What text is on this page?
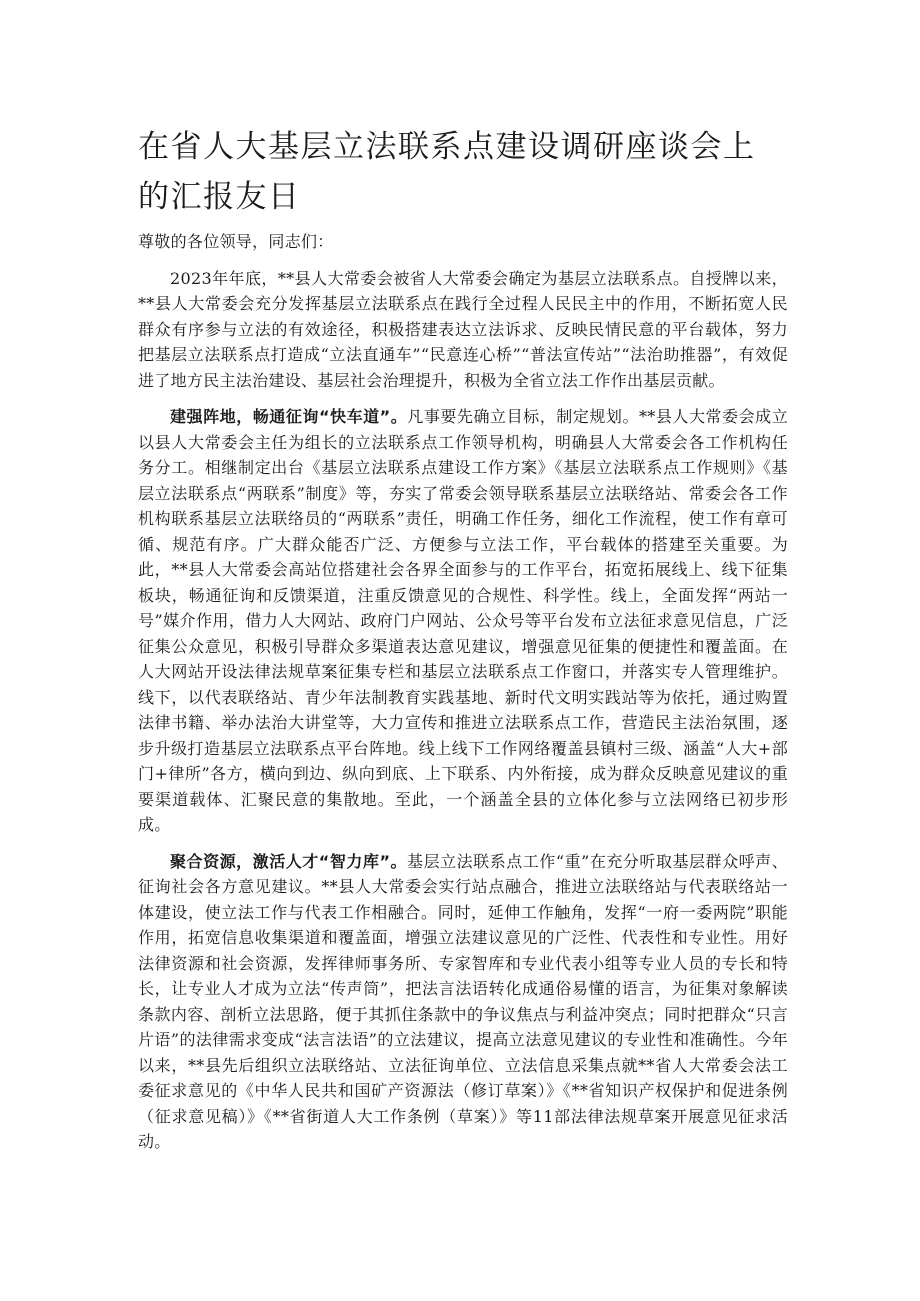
在省人大基层立法联系点建设调研座谈会上的汇报友日

尊敬的各位领导，同志们：

2023年年底，**县人大常委会被省人大常委会确定为基层立法联系点。自授牌以来，**县人大常委会充分发挥基层立法联系点在践行全过程人民民主中的作用，不断拓宽人民群众有序参与立法的有效途径，积极搭建表达立法诉求、反映民情民意的平台载体，努力把基层立法联系点打造成“立法直通车”“民意连心桥”“普法宣传站”“法治助推器”，有效促进了地方民主法治建设、基层社会治理提升，积极为全省立法工作作出基层贡献。

建强阵地，畅通征询“快车道”。凡事要先确立目标，制定规划。**县人大常委会成立以县人大常委会主任为组长的立法联系点工作领导机构，明确县人大常委会各工作机构任务分工。相继制定出台《基层立法联系点建设工作方案》《基层立法联系点工作规则》《基层立法联系点“两联系”制度》等，夯实了常委会领导联系基层立法联络站、常委会各工作机构联系基层立法联络员的“两联系”责任，明确工作任务，细化工作流程，使工作有章可循、规范有序。广大群众能否广泛、方便参与立法工作，平台载体的搭建至关重要。为此，**县人大常委会高站位搭建社会各界全面参与的工作平台，拓宽拓展线上、线下征集板块，畅通征询和反馈渠道，注重反馈意见的合规性、科学性。线上，全面发挥“两站一号”媒介作用，借力人大网站、政府门户网站、公众号等平台发布立法征求意见信息，广泛征集公众意见，积极引导群众多渠道表达意见建议，增强意见征集的便捷性和覆盖面。在人大网站开设法律法规草案征集专栏和基层立法联系点工作窗口，并落实专人管理维护。线下，以代表联络站、青少年法制教育实践基地、新时代文明实践站等为依托，通过购置法律书籍、举办法治大讲堂等，大力宣传和推进立法联系点工作，营造民主法治氛围，逐步升级打造基层立法联系点平台阵地。线上线下工作网络覆盖县镇村三级、涵盖“人大+部门+律所”各方，横向到边、纵向到底、上下联系、内外衔接，成为群众反映意见建议的重要渠道载体、汇聚民意的集散地。至此，一个涵盖全县的立体化参与立法网络已初步形成。

聚合资源，激活人才“智力库”。基层立法联系点工作“重”在充分听取基层群众呼声、征询社会各方意见建议。**县人大常委会实行站点融合，推进立法联络站与代表联络站一体建设，使立法工作与代表工作相融合。同时，延伸工作触角，发挥“一府一委两院”职能作用，拓宽信息收集渠道和覆盖面，增强立法建议意见的广泛性、代表性和专业性。用好法律资源和社会资源，发挥律师事务所、专家智库和专业代表小组等专业人员的专长和特长，让专业人才成为立法“传声筒”，把法言法语转化成通俗易懂的语言，为征集对象解读条款内容、剖析立法思路，便于其抓住条款中的争议焦点与利益冲突点；同时把群众“只言片语”的法律需求变成“法言法语”的立法建议，提高立法意见建议的专业性和准确性。今年以来，**县先后组织立法联络站、立法征询单位、立法信息采集点就**省人大常委会法工委征求意见的《中华人民共和国矿产资源法（修订草案）》《**省知识产权保护和促进条例（征求意见稿）》《**省街道人大工作条例（草案）》等11部法律法规草案开展意见征求活动。
